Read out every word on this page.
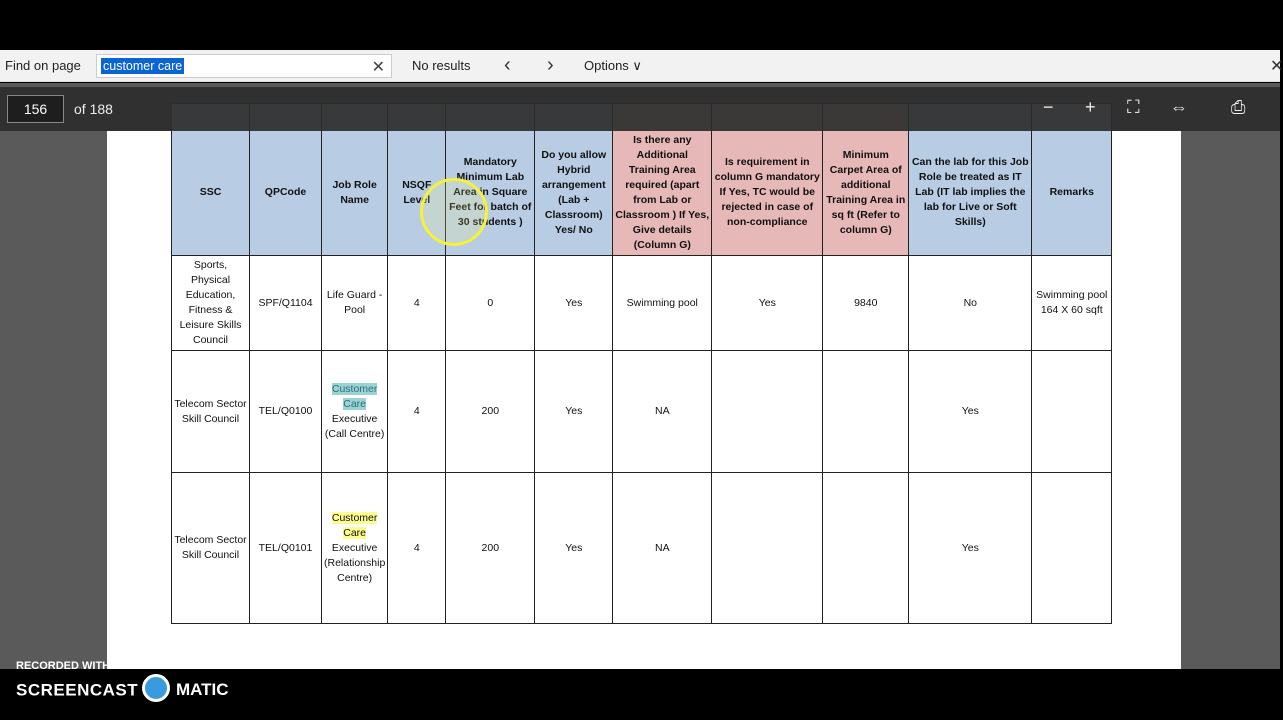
Find on page customer care	✕ No results ‹ › Options ∨	✕
SSC	QPCode	Job Role Name	NSQF Level	Mandatory Minimum Lab Area in Square Feet for batch of 30 students )	Do you allow Hybrid arrangement (Lab + Classroom) Yes/ No	Is there any Additional Training Area required (apart from Lab or Classroom ) If Yes, Give details (Column G)	Is requirement in column G mandatory If Yes, TC would be rejected in case of non-compliance	Minimum Carpet Area of additional Training Area in sq ft (Refer to column G)	Can the lab for this Job Role be treated as IT Lab (IT lab implies the lab for Live or Soft Skills)	Remarks
Sports, Physical Education, Fitness & Leisure Skills Council	SPF/Q1104	Life Guard - Pool	4	0	Yes	Swimming pool	Yes	9840	No	Swimming pool 164 X 60 sqft
Telecom Sector Skill Council	TEL/Q0100	Customer Care
Executive (Call Centre)	4	200	Yes	NA			Yes	
Telecom Sector Skill Council	TEL/Q0101	Customer Care
Executive (Relationship Centre)	4	200	Yes	NA			Yes	
156	of 188	− + ⛶ ⇔ ⎙
RECORDED WITH
SCREENCAST	MATIC
